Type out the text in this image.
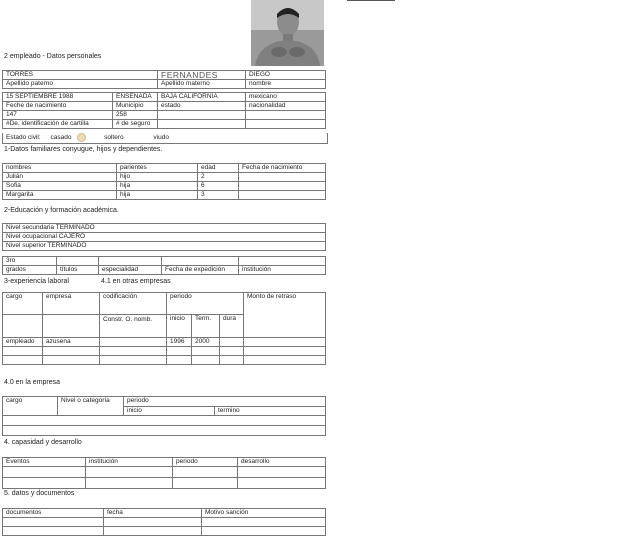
2 empleado - Datos personales
TORRES	FERNANDES	DIEGO
Apellido paterno	Apellido materno	nombre
15 SEPTIEMBRE 1988	ENSENADA	BAJA CALIFORNIA	mexicano
Feche de nacimiento	Municipio	estado	nacionalidad
147	258		
#De. identificación de cartilla	# de seguro		
Estado civil: casado	soltero	viudo
1-Datos familiares conyugue, hijos y dependientes.
nombres	parientes	edad	Fecha de nacimiento
Julián	hijo	2	
Sofia	hija	6	
Margarita	hija	3	
2-Educación y formación académica.
Nivel secundaria TERMINADO
Nivel ocupacional CAJERO
Nivel superior TERMINADO
3ro				
grados	títulos	especialidad	Fecha de expedición	institución
3-experiencia laboral	4.1 en otras empresas
cargo	empresa	codificación	periodo			Monto de retraso
		Constr. O. nomb.	inicio	Term.	dura	
empleado	azusena		1996	2000		

4.0 en la empresa
cargo	Nivel o categoría	periodo	
		inicio	termino

4. capasidad y desarrollo
Eventos	institución	periodo	desarrollo

5. datos y documentos
documentos	fecha	Motivo sanción
